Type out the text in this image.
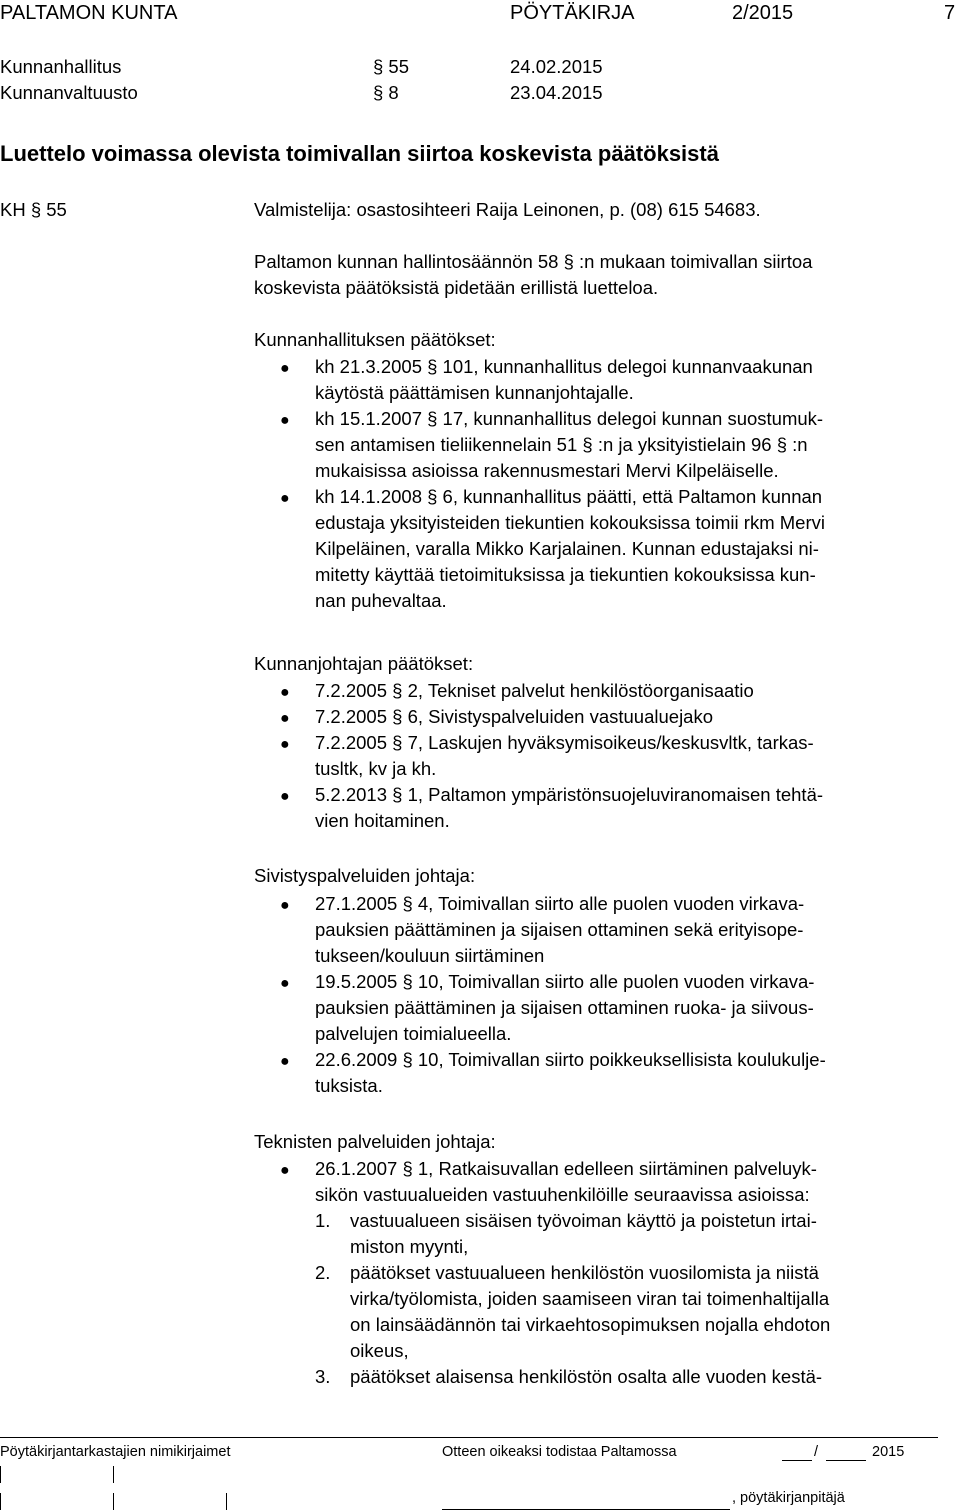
PALTAMON KUNTA	PÖYTÄKIRJA	2/2015	7
Kunnanhallitus	§ 55	24.02.2015
Kunnanvaltuusto	§ 8	23.04.2015
Luettelo voimassa olevista toimivallan siirtoa koskevista päätöksistä
KH § 55	Valmistelija: osastosihteeri Raija Leinonen, p. (08) 615 54683.
Paltamon kunnan hallintosäännön 58 § :n mukaan toimivallan siirtoa
koskevista päätöksistä pidetään erillistä luetteloa.
Kunnanhallituksen päätökset:
● kh 21.3.2005 § 101, kunnanhallitus delegoi kunnanvaakunan
käytöstä päättämisen kunnanjohtajalle.
● kh 15.1.2007 § 17, kunnanhallitus delegoi kunnan suostumuk-
sen antamisen tieliikennelain 51 § :n ja yksityistielain 96 § :n
mukaisissa asioissa rakennusmestari Mervi Kilpeläiselle.
● kh 14.1.2008 § 6, kunnanhallitus päätti, että Paltamon kunnan
edustaja yksityisteiden tiekuntien kokouksissa toimii rkm Mervi
Kilpeläinen, varalla Mikko Karjalainen. Kunnan edustajaksi ni-
mitetty käyttää tietoimituksissa ja tiekuntien kokouksissa kun-
nan puhevaltaa.
Kunnanjohtajan päätökset:
● 7.2.2005 § 2, Tekniset palvelut henkilöstöorganisaatio
● 7.2.2005 § 6, Sivistyspalveluiden vastuualuejako
● 7.2.2005 § 7, Laskujen hyväksymisoikeus/keskusvltk, tarkas-
tusltk, kv ja kh.
● 5.2.2013 § 1, Paltamon ympäristönsuojeluviranomaisen tehtä-
vien hoitaminen.
Sivistyspalveluiden johtaja:
● 27.1.2005 § 4, Toimivallan siirto alle puolen vuoden virkava-
pauksien päättäminen ja sijaisen ottaminen sekä erityisope-
tukseen/kouluun siirtäminen
● 19.5.2005 § 10, Toimivallan siirto alle puolen vuoden virkava-
pauksien päättäminen ja sijaisen ottaminen ruoka- ja siivous-
palvelujen toimialueella.
● 22.6.2009 § 10, Toimivallan siirto poikkeuksellisista koulukulje-
tuksista.
Teknisten palveluiden johtaja:
● 26.1.2007 § 1, Ratkaisuvallan edelleen siirtäminen palveluyk-
sikön vastuualueiden vastuuhenkilöille seuraavissa asioissa:
1. vastuualueen sisäisen työvoiman käyttö ja poistetun irtai-
miston myynti,
2. päätökset vastuualueen henkilöstön vuosilomista ja niistä
virka/työlomista, joiden saamiseen viran tai toimenhaltijalla
on lainsäädännön tai virkaehtosopimuksen nojalla ehdoton
oikeus,
3. päätökset alaisensa henkilöstön osalta alle vuoden kestä-
Pöytäkirjantarkastajien nimikirjaimet	Otteen oikeaksi todistaa Paltamossa	/	2015
, pöytäkirjanpitäjä
